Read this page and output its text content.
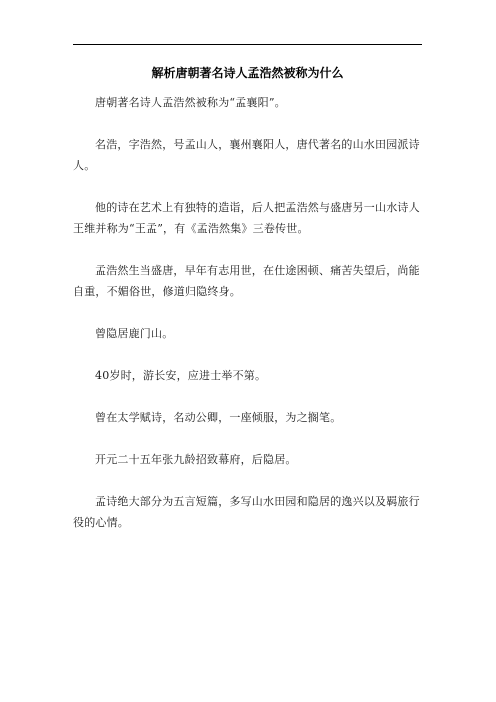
解析唐朝著名诗人孟浩然被称为什么

唐朝著名诗人孟浩然被称为“孟襄阳”。

名浩，字浩然，号孟山人，襄州襄阳人，唐代著名的山水田园派诗人。

他的诗在艺术上有独特的造诣，后人把孟浩然与盛唐另一山水诗人王维并称为“王孟”，有《孟浩然集》三卷传世。

孟浩然生当盛唐，早年有志用世，在仕途困顿、痛苦失望后，尚能自重，不媚俗世，修道归隐终身。

曾隐居鹿门山。

40岁时，游长安，应进士举不第。

曾在太学赋诗，名动公卿，一座倾服，为之搁笔。

开元二十五年张九龄招致幕府，后隐居。

孟诗绝大部分为五言短篇，多写山水田园和隐居的逸兴以及羁旅行役的心情。
